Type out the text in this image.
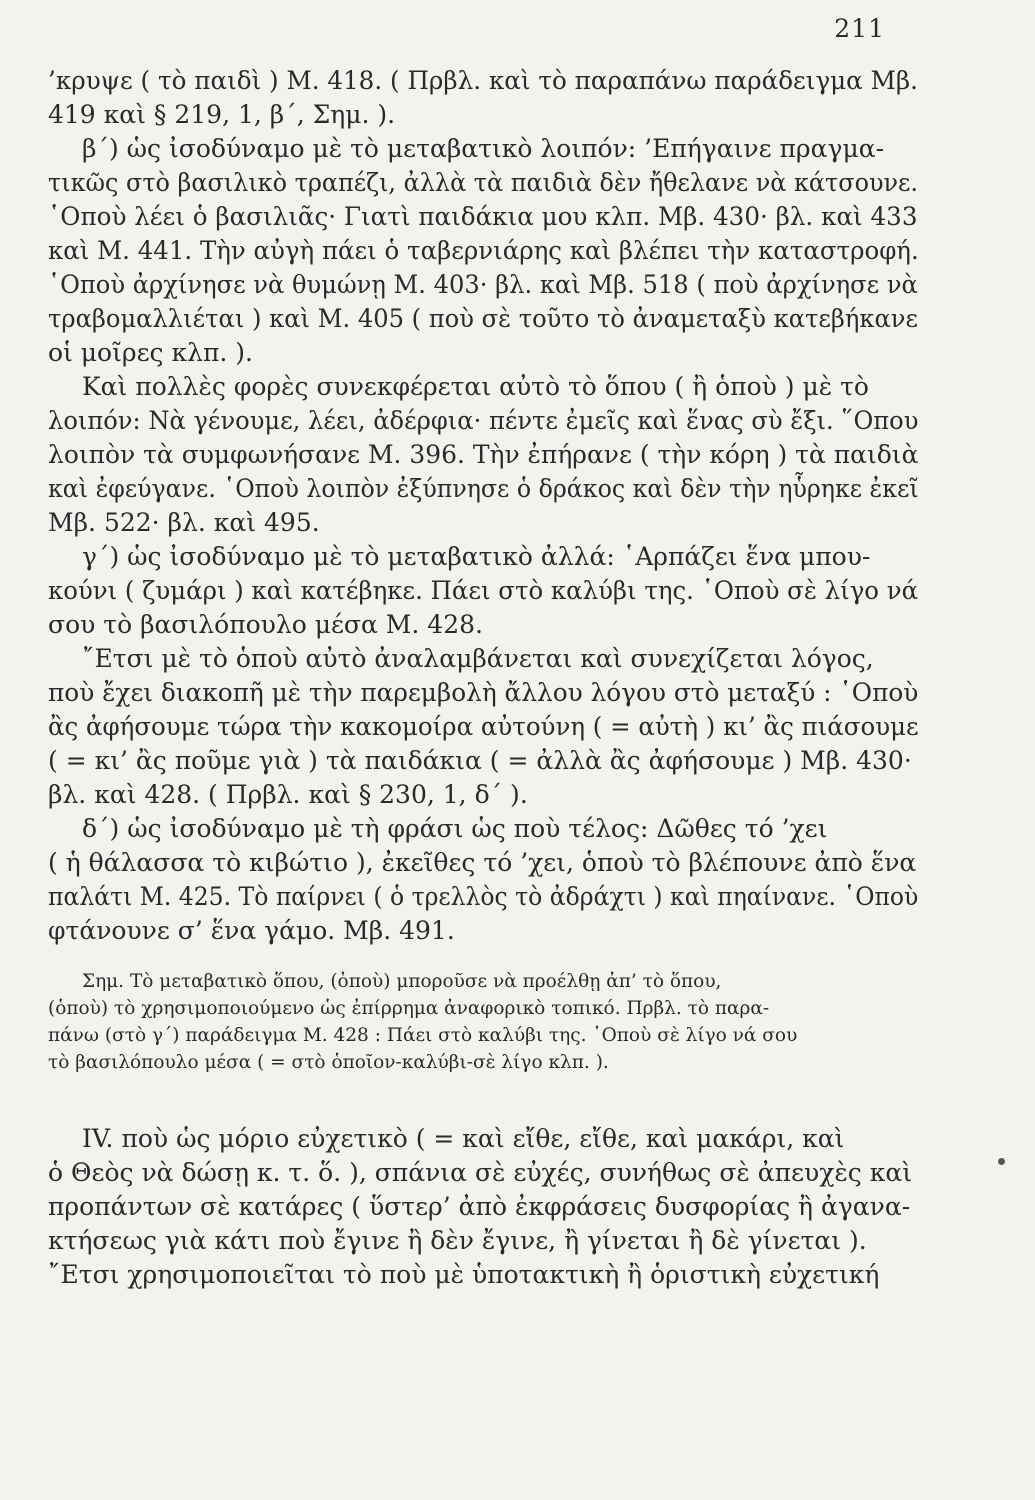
211
’κρυψε ( τὸ παιδὶ ) Μ. 418. ( Πρβλ. καὶ τὸ παραπάνω παράδειγμα Μβ.
419 καὶ § 219, 1, β΄, Σημ. ).
β΄) ὡς ἰσοδύναμο μὲ τὸ μεταβατικὸ λοιπόν: ’Επήγαινε πραγμα-
τικῶς στὸ βασιλικὸ τραπέζι, ἀλλὰ τὰ παιδιὰ δὲν ἤθελανε νὰ κάτσουνε.
῾Οποὺ λέει ὁ βασιλιᾶς· Γιατὶ παιδάκια μου κλπ. Μβ. 430· βλ. καὶ 433
καὶ Μ. 441. Τὴν αὐγὴ πάει ὁ ταβερνιάρης καὶ βλέπει τὴν καταστροφή.
῾Οποὺ ἀρχίνησε νὰ θυμώνῃ Μ. 403· βλ. καὶ Μβ. 518 ( ποὺ ἀρχίνησε νὰ
τραβομαλλιέται ) καὶ Μ. 405 ( ποὺ σὲ τοῦτο τὸ ἀναμεταξὺ κατεβήκανε
οἱ μοῖρες κλπ. ).
Καὶ πολλὲς φορὲς συνεκφέρεται αὐτὸ τὸ ὅπου ( ἢ ὁποὺ ) μὲ τὸ
λοιπόν: Νὰ γένουμε, λέει, ἀδέρφια· πέντε ἐμεῖς καὶ ἕνας σὺ ἔξι. ῞Οπου
λοιπὸν τὰ συμφωνήσανε Μ. 396. Τὴν ἐπήρανε ( τὴν κόρη ) τὰ παιδιὰ
καὶ ἐφεύγανε. ῾Οποὺ λοιπὸν ἐξύπνησε ὁ δράκος καὶ δὲν τὴν ηὗρηκε ἐκεῖ
Μβ. 522· βλ. καὶ 495.
γ΄) ὡς ἰσοδύναμο μὲ τὸ μεταβατικὸ ἀλλά: ῾Αρπάζει ἕνα μπου-
κούνι ( ζυμάρι ) καὶ κατέβηκε. Πάει στὸ καλύβι της. ῾Οποὺ σὲ λίγο νά
σου τὸ βασιλόπουλο μέσα Μ. 428.
῎Ετσι μὲ τὸ ὁποὺ αὐτὸ ἀναλαμβάνεται καὶ συνεχίζεται λόγος,
ποὺ ἔχει διακοπῆ μὲ τὴν παρεμβολὴ ἄλλου λόγου στὸ μεταξύ : ῾Οποὺ
ἂς ἀφήσουμε τώρα τὴν κακομοίρα αὐτούνη ( = αὐτὴ ) κι’ ἂς πιάσουμε
( = κι’ ἂς ποῦμε γιὰ ) τὰ παιδάκια ( = ἀλλὰ ἂς ἀφήσουμε ) Μβ. 430·
βλ. καὶ 428. ( Πρβλ. καὶ § 230, 1, δ΄ ).
δ΄) ὡς ἰσοδύναμο μὲ τὴ φράσι ὡς ποὺ τέλος: Δῶθες τό ’χει
( ἡ θάλασσα τὸ κιβώτιο ), ἐκεῖθες τό ’χει, ὁποὺ τὸ βλέπουνε ἀπὸ ἕνα
παλάτι Μ. 425. Τὸ παίρνει ( ὁ τρελλὸς τὸ ἀδράχτι ) καὶ πηαίνανε. ῾Οποὺ
φτάνουνε σ’ ἕνα γάμο. Μβ. 491.
Σημ. Τὸ μεταβατικὸ ὅπου, (ὁποὺ) μποροῦσε νὰ προέλθῃ ἀπ’ τὸ ὅπου,
(ὁποὺ) τὸ χρησιμοποιούμενο ὡς ἐπίρρημα ἀναφορικὸ τοπικό. Πρβλ. τὸ παρα-
πάνω (στὸ γ΄) παράδειγμα Μ. 428 : Πάει στὸ καλύβι της. ῾Οποὺ σὲ λίγο νά σου
τὸ βασιλόπουλο μέσα ( = στὸ ὁποῖον-καλύβι-σὲ λίγο κλπ. ).
IV. ποὺ ὡς μόριο εὐχετικὸ ( = καὶ εἴθε, εἴθε, καὶ μακάρι, καὶ
ὁ Θεὸς νὰ δώσῃ κ. τ. ὅ. ), σπάνια σὲ εὐχές, συνήθως σὲ ἀπευχὲς καὶ
προπάντων σὲ κατάρες ( ὕστερ’ ἀπὸ ἐκφράσεις δυσφορίας ἢ ἀγανα-
κτήσεως γιὰ κάτι ποὺ ἔγινε ἢ δὲν ἔγινε, ἢ γίνεται ἢ δὲ γίνεται ).
῎Ετσι χρησιμοποιεῖται τὸ ποὺ μὲ ὑποτακτικὴ ἢ ὁριστικὴ εὐχετική
